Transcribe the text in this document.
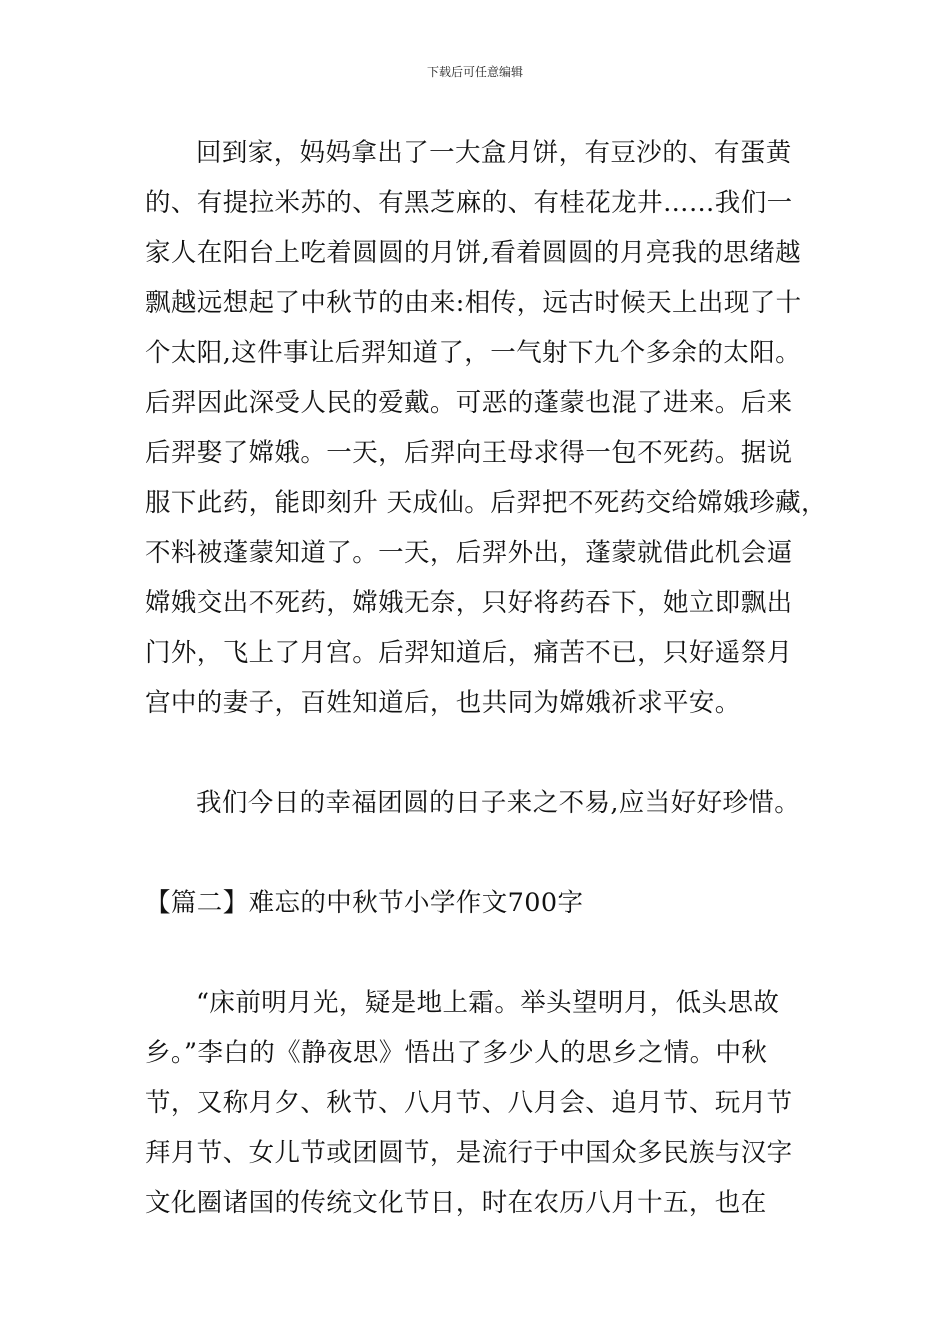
下载后可任意编辑
回到家，妈妈拿出了一大盒月饼，有豆沙的、有蛋黄
的、有提拉米苏的、有黑芝麻的、有桂花龙井……我们一
家人在阳台上吃着圆圆的月饼,看着圆圆的月亮我的思绪越
飘越远想起了中秋节的由来:相传，远古时候天上出现了十
个太阳,这件事让后羿知道了，一气射下九个多余的太阳。
后羿因此深受人民的爱戴。可恶的蓬蒙也混了进来。后来
后羿娶了嫦娥。一天，后羿向王母求得一包不死药。据说
服下此药，能即刻升 天成仙。后羿把不死药交给嫦娥珍藏，
不料被蓬蒙知道了。一天，后羿外出，蓬蒙就借此机会逼
嫦娥交出不死药，嫦娥无奈，只好将药吞下，她立即飘出
门外，飞上了月宫。后羿知道后，痛苦不已，只好遥祭月
宫中的妻子，百姓知道后，也共同为嫦娥祈求平安。
我们今日的幸福团圆的日子来之不易,应当好好珍惜。
【篇二】难忘的中秋节小学作文700字
“床前明月光，疑是地上霜。举头望明月，低头思故
乡。”李白的《静夜思》悟出了多少人的思乡之情。中秋
节，又称月夕、秋节、八月节、八月会、追月节、玩月节
拜月节、女儿节或团圆节，是流行于中国众多民族与汉字
文化圈诸国的传统文化节日，时在农历八月十五，也在
